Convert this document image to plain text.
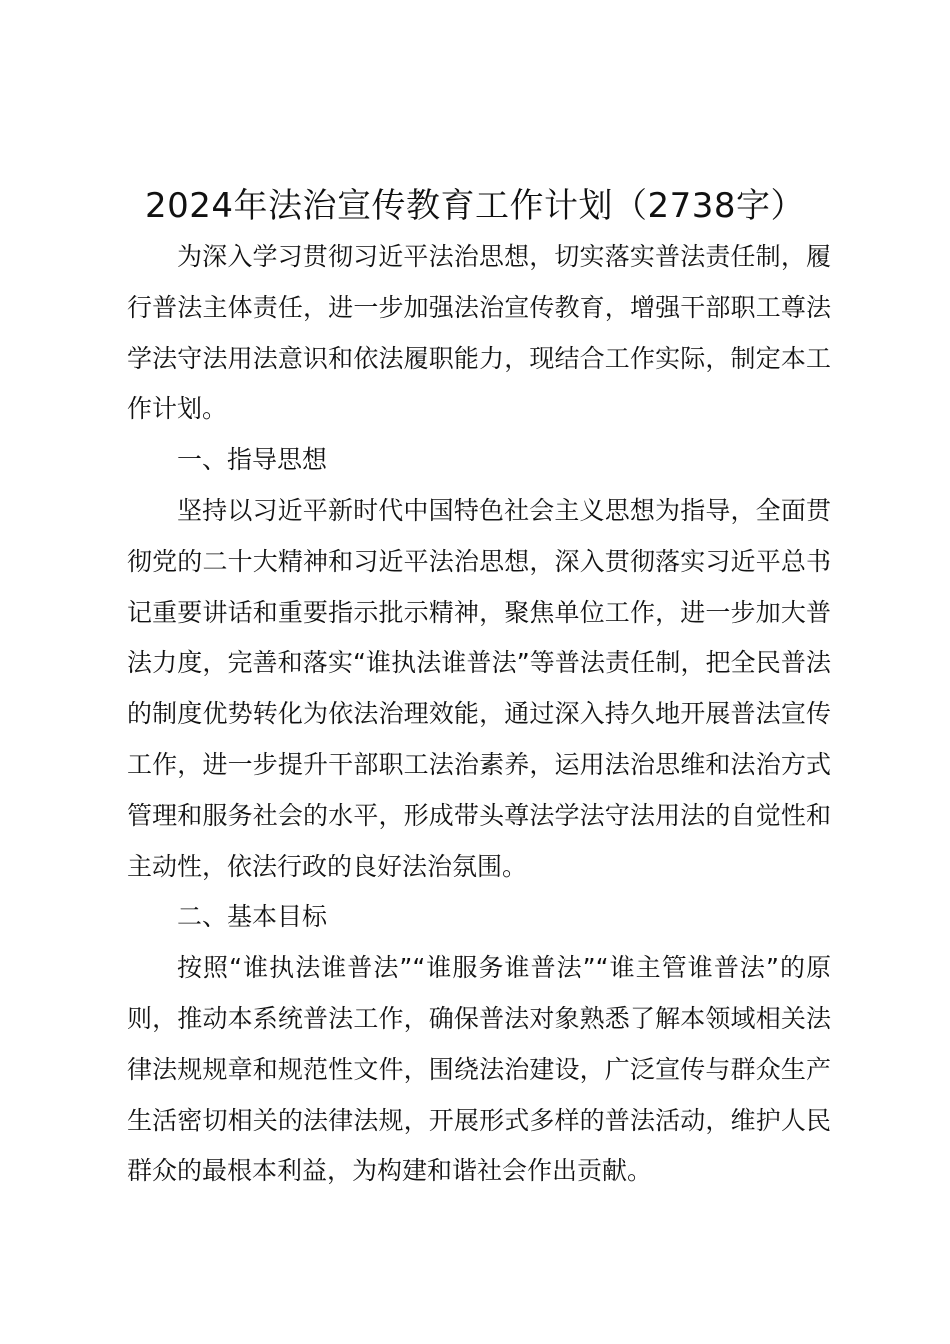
2024年法治宣传教育工作计划（2738字）

为深入学习贯彻习近平法治思想，切实落实普法责任制，履行普法主体责任，进一步加强法治宣传教育，增强干部职工尊法学法守法用法意识和依法履职能力，现结合工作实际，制定本工作计划。

一、指导思想

坚持以习近平新时代中国特色社会主义思想为指导，全面贯彻党的二十大精神和习近平法治思想，深入贯彻落实习近平总书记重要讲话和重要指示批示精神，聚焦单位工作，进一步加大普法力度，完善和落实“谁执法谁普法”等普法责任制，把全民普法的制度优势转化为依法治理效能，通过深入持久地开展普法宣传工作，进一步提升干部职工法治素养，运用法治思维和法治方式管理和服务社会的水平，形成带头尊法学法守法用法的自觉性和主动性，依法行政的良好法治氛围。

二、基本目标

按照“谁执法谁普法”“谁服务谁普法”“谁主管谁普法”的原则，推动本系统普法工作，确保普法对象熟悉了解本领域相关法律法规规章和规范性文件，围绕法治建设，广泛宣传与群众生产生活密切相关的法律法规，开展形式多样的普法活动，维护人民群众的最根本利益，为构建和谐社会作出贡献。
